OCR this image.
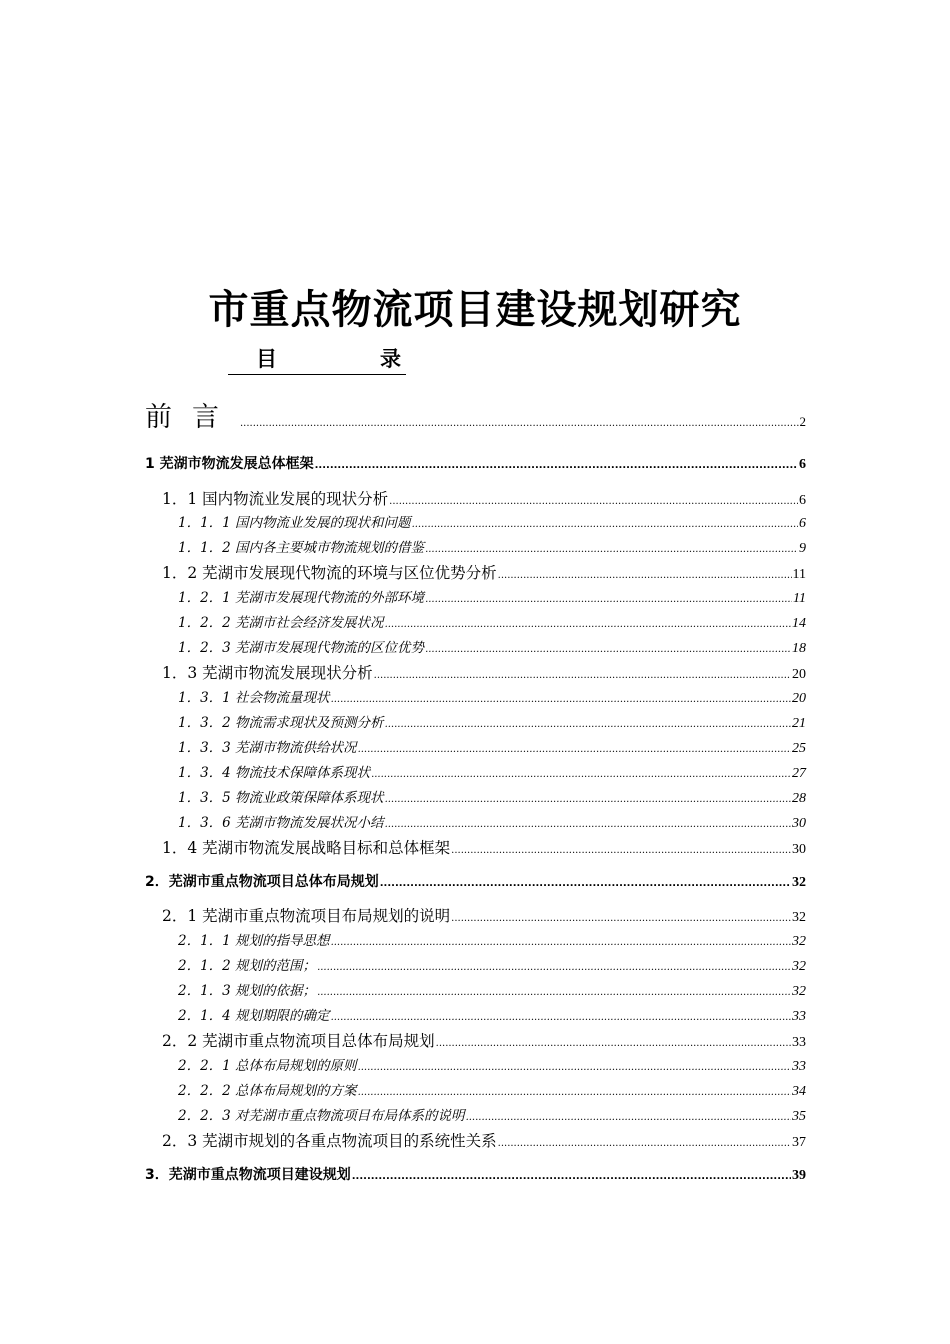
市重点物流项目建设规划研究
目	录
前言 .....	2
1 芜湖市物流发展总体框架 .....	6
1．1 国内物流业发展的现状分析 .....	6
1．1．1 国内物流业发展的现状和问题 .....	6
1．1．2 国内各主要城市物流规划的借鉴 .....	9
1．2 芜湖市发展现代物流的环境与区位优势分析 .....	11
1．2．1 芜湖市发展现代物流的外部环境 .....	11
1．2．2 芜湖市社会经济发展状况 .....	14
1．2．3 芜湖市发展现代物流的区位优势 .....	18
1．3 芜湖市物流发展现状分析 .....	20
1．3．1 社会物流量现状 .....	20
1．3．2 物流需求现状及预测分析 .....	21
1．3．3 芜湖市物流供给状况 .....	25
1．3．4 物流技术保障体系现状 .....	27
1．3．5 物流业政策保障体系现状 .....	28
1．3．6 芜湖市物流发展状况小结 .....	30
1．4 芜湖市物流发展战略目标和总体框架 .....	30
2．芜湖市重点物流项目总体布局规划 .....	32
2．1 芜湖市重点物流项目布局规划的说明 .....	32
2．1．1 规划的指导思想 .....	32
2．1．2 规划的范围； .....	32
2．1．3 规划的依据； .....	32
2．1．4 规划期限的确定 .....	33
2．2 芜湖市重点物流项目总体布局规划 .....	33
2．2．1 总体布局规划的原则 .....	33
2．2．2 总体布局规划的方案 .....	34
2．2．3 对芜湖市重点物流项目布局体系的说明 .....	35
2．3 芜湖市规划的各重点物流项目的系统性关系 .....	37
3．芜湖市重点物流项目建设规划 .....	39
